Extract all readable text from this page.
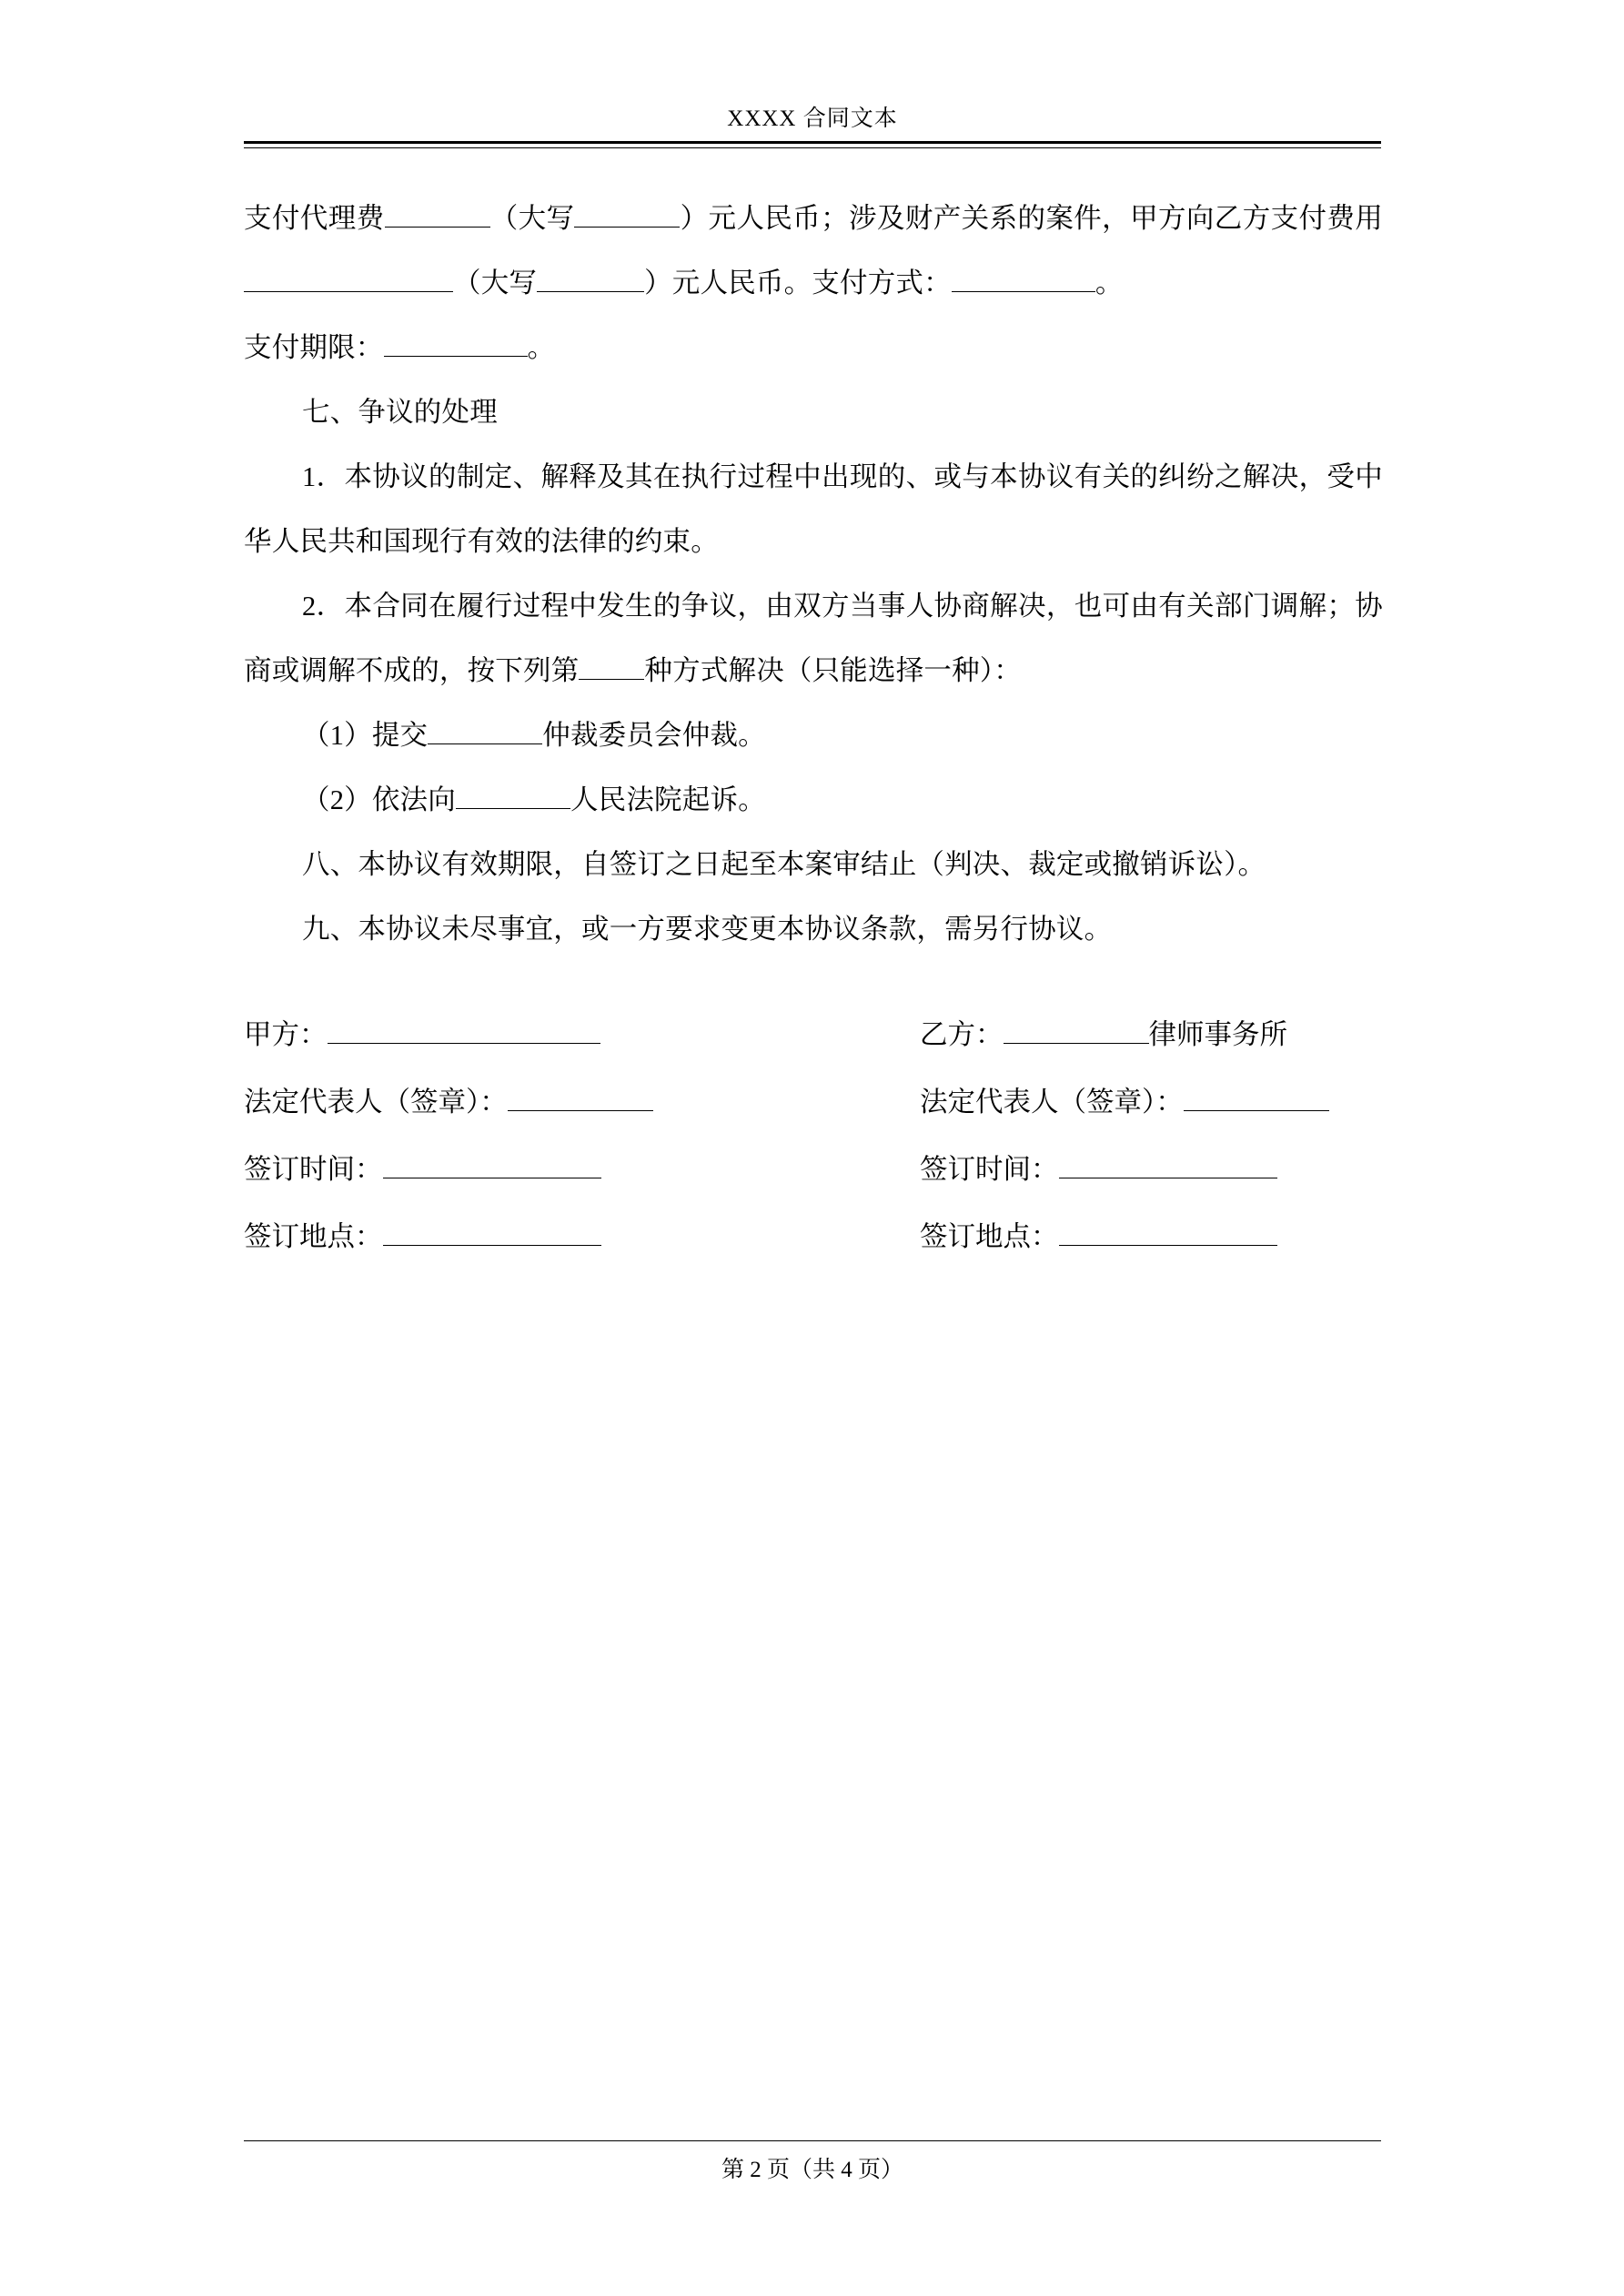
XXXX 合同文本

支付代理费	（大写	）元人民币；涉及财产关系的案件，甲方向乙方支付费用（大写	）元人民币。支付方式：	。

支付期限：	。

七、争议的处理

1．本协议的制定、解释及其在执行过程中出现的、或与本协议有关的纠纷之解决，受中华人民共和国现行有效的法律的约束。

2．本合同在履行过程中发生的争议，由双方当事人协商解决，也可由有关部门调解；协商或调解不成的，按下列第 种方式解决（只能选择一种）：

（1）提交	仲裁委员会仲裁。

（2）依法向	人民法院起诉。

八、本协议有效期限，自签订之日起至本案审结止（判决、裁定或撤销诉讼）。

九、本协议未尽事宜，或一方要求变更本协议条款，需另行协议。

甲方：	乙方：	律师事务所
法定代表人（签章）：	法定代表人（签章）：
签订时间：	签订时间：
签订地点：	签订地点：
第 2 页（共 4 页）
